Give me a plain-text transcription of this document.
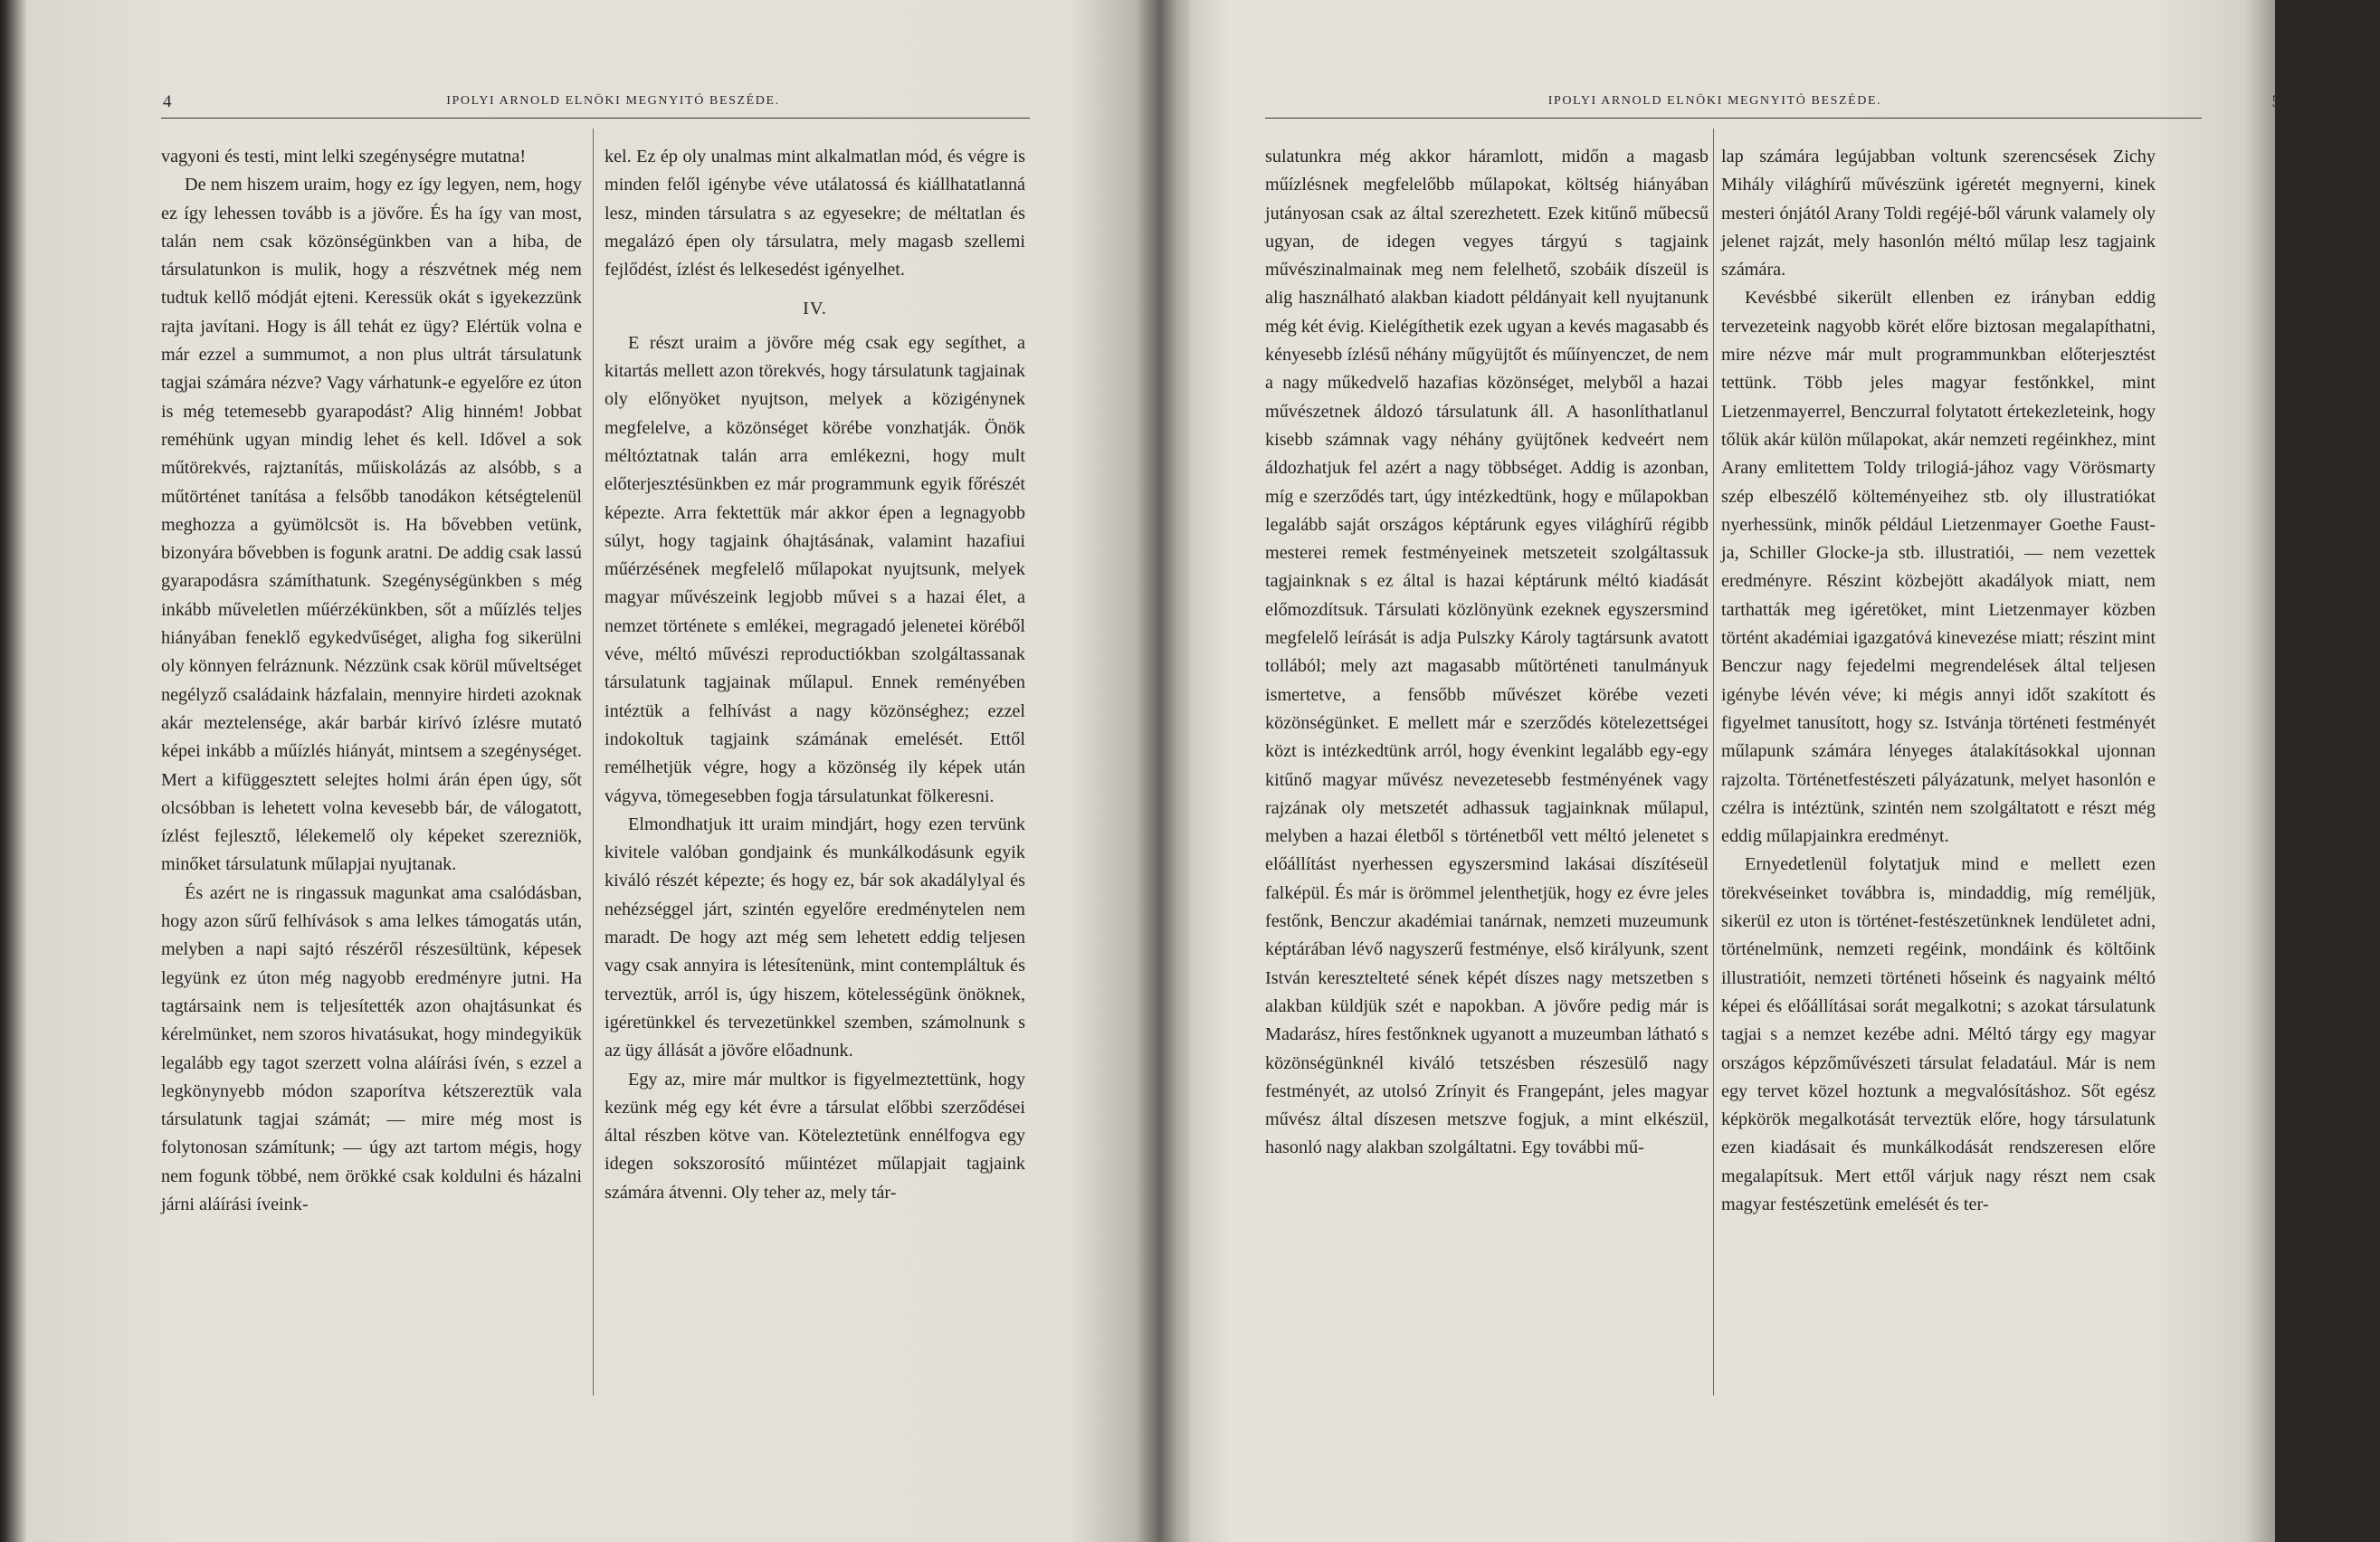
4	IPOLYI ARNOLD ELNÖKI MEGNYITÓ BESZÉDE.

vagyoni és testi, mint lelki szegénységre mutatna!

De nem hiszem uraim, hogy ez így legyen, nem, hogy ez így lehessen tovább is a jövőre. És ha így van most, talán nem csak közönségünkben van a hiba, de társulatunkon is mulik, hogy a részvétnek még nem tudtuk kellő módját ejteni. Keressük okát s igyekezzünk rajta javítani. Hogy is áll tehát ez ügy? Elértük volna e már ezzel a summumot, a non plus ultrát társulatunk tagjai számára nézve? Vagy várhatunk-e egyelőre ez úton is még tetemesebb gyarapodást? Alig hinném! Jobbat reméhünk ugyan mindig lehet és kell. Idővel a sok műtörekvés, rajztanítás, műiskolázás az alsóbb, s a műtörténet tanítása a felsőbb tanodákon kétségtelenül meghozza a gyümölcsöt is. Ha bővebben vetünk, bizonyára bővebben is fogunk aratni. De addig csak lassú gyarapodásra számíthatunk. Szegénységünkben s még inkább műveletlen műérzékünkben, sőt a műízlés teljes hiányában feneklő egykedvűséget, aligha fog sikerülni oly könnyen felráznunk. Nézzünk csak körül műveltséget negélyző családaink házfalain, mennyire hirdeti azoknak akár meztelensége, akár barbár kirívó ízlésre mutató képei inkább a műízlés hiányát, mintsem a szegénységet. Mert a kifüggesztett selejtes holmi árán épen úgy, sőt olcsóbban is lehetett volna kevesebb bár, de válogatott, ízlést fejlesztő, lélekemelő oly képeket szerezniök, minőket társulatunk műlapjai nyujtanak.

És azért ne is ringassuk magunkat ama csalódásban, hogy azon sűrű felhívások s ama lelkes támogatás után, melyben a napi sajtó részéről részesültünk, képesek legyünk ez úton még nagyobb eredményre jutni. Ha tagtársaink nem is teljesítették azon ohajtásunkat és kérelmünket, nem szoros hivatásukat, hogy mindegyikük legalább egy tagot szerzett volna aláírási ívén, s ezzel a legkönynyebb módon szaporítva kétszereztük vala társulatunk tagjai számát; — mire még most is folytonosan számítunk; — úgy azt tartom mégis, hogy nem fogunk többé, nem örökké csak koldulni és házalni járni aláírási íveink-

kel. Ez ép oly unalmas mint alkalmatlan mód, és végre is minden felől igénybe véve utálatossá és kiállhatatlanná lesz, minden társulatra s az egyesekre; de méltatlan és megalázó épen oly társulatra, mely magasb szellemi fejlődést, ízlést és lelkesedést igényelhet.

IV.

E részt uraim a jövőre még csak egy segíthet, a kitartás mellett azon törekvés, hogy társulatunk tagjainak oly előnyöket nyujtson, melyek a közigénynek megfelelve, a közönséget körébe vonzhatják. Önök méltóztatnak talán arra emlékezni, hogy mult előterjesztésünkben ez már programmunk egyik főrészét képezte. Arra fektettük már akkor épen a legnagyobb súlyt, hogy tagjaink óhajtásának, valamint hazafiui műérzésének megfelelő műlapokat nyujtsunk, melyek magyar művészeink legjobb művei s a hazai élet, a nemzet története s emlékei, megragadó jelenetei köréből véve, méltó művészi reproductiókban szolgáltassanak társulatunk tagjainak műlapul. Ennek reményében intéztük a felhívást a nagy közönséghez; ezzel indokoltuk tagjaink számának emelését. Ettől remélhetjük végre, hogy a közönség ily képek után vágyva, tömegesebben fogja társulatunkat fölkeresni.

Elmondhatjuk itt uraim mindjárt, hogy ezen tervünk kivitele valóban gondjaink és munkálkodásunk egyik kiváló részét képezte; és hogy ez, bár sok akadálylyal és nehézséggel járt, szintén egyelőre eredménytelen nem maradt. De hogy azt még sem lehetett eddig teljesen vagy csak annyira is létesítenünk, mint contempláltuk és terveztük, arról is, úgy hiszem, kötelességünk önöknek, igéretünkkel és tervezetünkkel szemben, számolnunk s az ügy állását a jövőre előadnunk.

Egy az, mire már multkor is figyelmeztettünk, hogy kezünk még egy két évre a társulat előbbi szerződései által részben kötve van. Köteleztetünk ennélfogva egy idegen sokszorosító műintézet műlapjait tagjaink számára átvenni. Oly teher az, mely tár-

IPOLYI ARNOLD ELNÖKI MEGNYITÓ BESZÉDE.	5

sulatunkra még akkor háramlott, midőn a magasb műízlésnek megfelelőbb műlapokat, költség hiányában jutányosan csak az által szerezhetett. Ezek kitűnő műbecsű ugyan, de idegen vegyes tárgyú s tagjaink művészinalmainak meg nem felelhető, szobáik díszeül is alig használható alakban kiadott példányait kell nyujtanunk még két évig. Kielégíthetik ezek ugyan a kevés magasabb és kényesebb ízlésű néhány műgyüjtőt és műínyenczet, de nem a nagy műkedvelő hazafias közönséget, melyből a hazai művészetnek áldozó társulatunk áll. A hasonlíthatlanul kisebb számnak vagy néhány gyüjtőnek kedveért nem áldozhatjuk fel azért a nagy többséget. Addig is azonban, míg e szerződés tart, úgy intézkedtünk, hogy e műlapokban legalább saját országos képtárunk egyes világhírű régibb mesterei remek festményeinek metszeteit szolgáltassuk tagjainknak s ez által is hazai képtárunk méltó kiadását előmozdítsuk. Társulati közlönyünk ezeknek egyszersmind megfelelő leírását is adja Pulszky Károly tagtársunk avatott tollából; mely azt magasabb műtörténeti tanulmányuk ismertetve, a fensőbb művészet körébe vezeti közönségünket. E mellett már e szerződés kötelezettségei közt is intézkedtünk arról, hogy évenkint legalább egy-egy kitűnő magyar művész nevezetesebb festményének vagy rajzának oly metszetét adhassuk tagjainknak műlapul, melyben a hazai életből s történetből vett méltó jelenetet s előállítást nyerhessen egyszersmind lakásai díszítéseül falképül. És már is örömmel jelenthetjük, hogy ez évre jeles festőnk, Benczur akadémiai tanárnak, nemzeti muzeumunk képtárában lévő nagyszerű festménye, első királyunk, szent István keresztelteté sének képét díszes nagy metszetben s alakban küldjük szét e napokban. A jövőre pedig már is Madarász, híres festőnknek ugyanott a muzeumban látható s közönségünknél kiváló tetszésben részesülő nagy festményét, az utolsó Zrínyit és Frangepánt, jeles magyar művész által díszesen metszve fogjuk, a mint elkészül, hasonló nagy alakban szolgáltatni. Egy további mű-

lap számára legújabban voltunk szerencsések Zichy Mihály világhírű művészünk igéretét megnyerni, kinek mesteri ónjától Arany Toldi regéjé-ből várunk valamely oly jelenet rajzát, mely hasonlón méltó műlap lesz tagjaink számára.

Kevésbbé sikerült ellenben ez irányban eddig tervezeteink nagyobb körét előre biztosan megalapíthatni, mire nézve már mult programmunkban előterjesztést tettünk. Több jeles magyar festőnkkel, mint Lietzenmayerrel, Benczurral folytatott értekezleteink, hogy tőlük akár külön műlapokat, akár nemzeti regéinkhez, mint Arany emlitettem Toldy trilogiá-jához vagy Vörösmarty szép elbeszélő költeményeihez stb. oly illustratiókat nyerhessünk, minők például Lietzenmayer Goethe Faust-ja, Schiller Glocke-ja stb. illustratiói, — nem vezettek eredményre. Részint közbejött akadályok miatt, nem tarthatták meg igéretöket, mint Lietzenmayer közben történt akadémiai igazgatóvá kinevezése miatt; részint mint Benczur nagy fejedelmi megrendelések által teljesen igénybe lévén véve; ki mégis annyi időt szakított és figyelmet tanusított, hogy sz. Istvánja történeti festményét műlapunk számára lényeges átalakításokkal ujonnan rajzolta. Történetfestészeti pályázatunk, melyet hasonlón e czélra is intéztünk, szintén nem szolgáltatott e részt még eddig műlapjainkra eredményt.

Ernyedetlenül folytatjuk mind e mellett ezen törekvéseinket továbbra is, mindaddig, míg reméljük, sikerül ez uton is történet-festészetünknek lendületet adni, történelmünk, nemzeti regéink, mondáink és költőink illustratióit, nemzeti történeti hőseink és nagyaink méltó képei és előállításai sorát megalkotni; s azokat társulatunk tagjai s a nemzet kezébe adni. Méltó tárgy egy magyar országos képzőművészeti társulat feladatául. Már is nem egy tervet közel hoztunk a megvalósításhoz. Sőt egész képkörök megalkotását terveztük előre, hogy társulatunk ezen kiadásait és munkálkodását rendszeresen előre megalapítsuk. Mert ettől várjuk nagy részt nem csak magyar festészetünk emelését és ter-
